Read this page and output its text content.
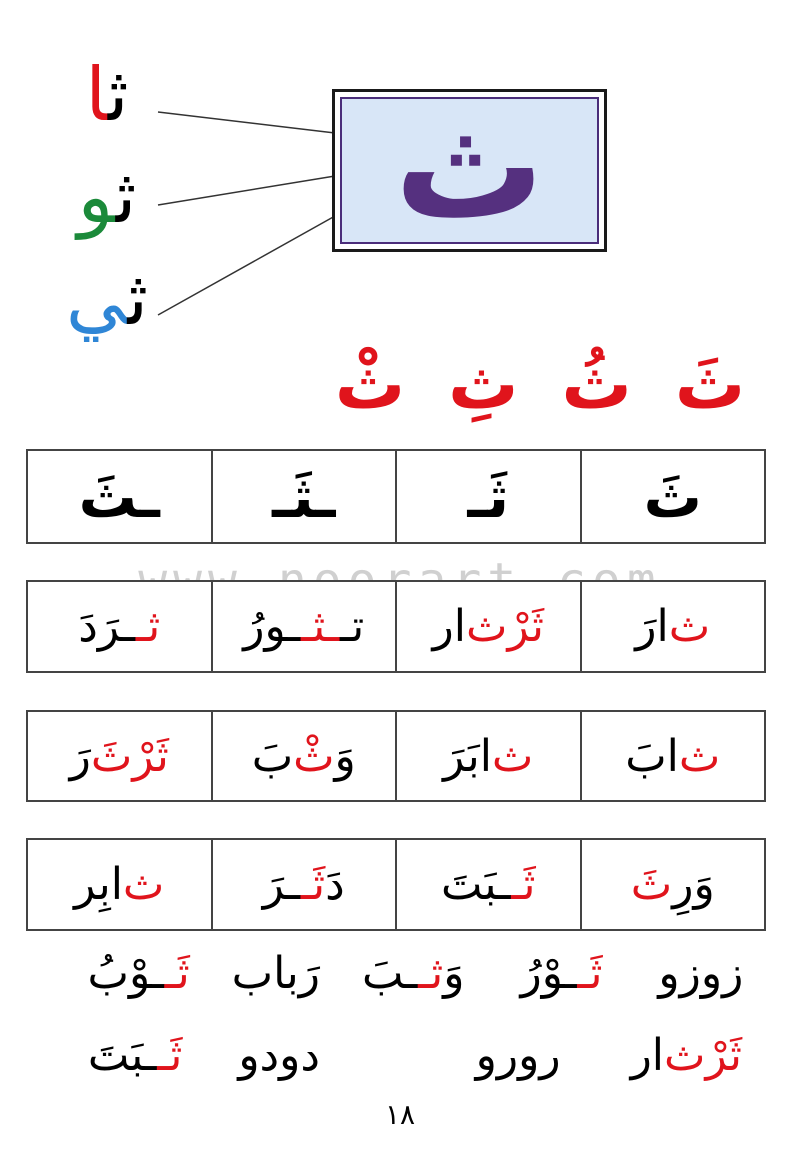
ثا
ثو
ثي
ث
ثَ
ثُ
ثِ
ثْ
ثَ
ثَـ
ـثَـ
ـثَ
ث
ارَ
ثَرْث
ار
تـ
ـثـ
ـورُ
ثـ
ـرَدَ
ث
ابَ
ث
ابَرَ
وَ
ثْ
بَ
ثَرْثَ
رَ
وَرِ
ثَ
ثَـ
ـبَتَ
دَ
ثَـ
ـرَ
ث
ابِر
وَثــبَ	ثَــوْرُ زوزو
ثَــوْبُ رَباب
رورو ثَرْثار
ثَــبَتَ دودو
١٨
